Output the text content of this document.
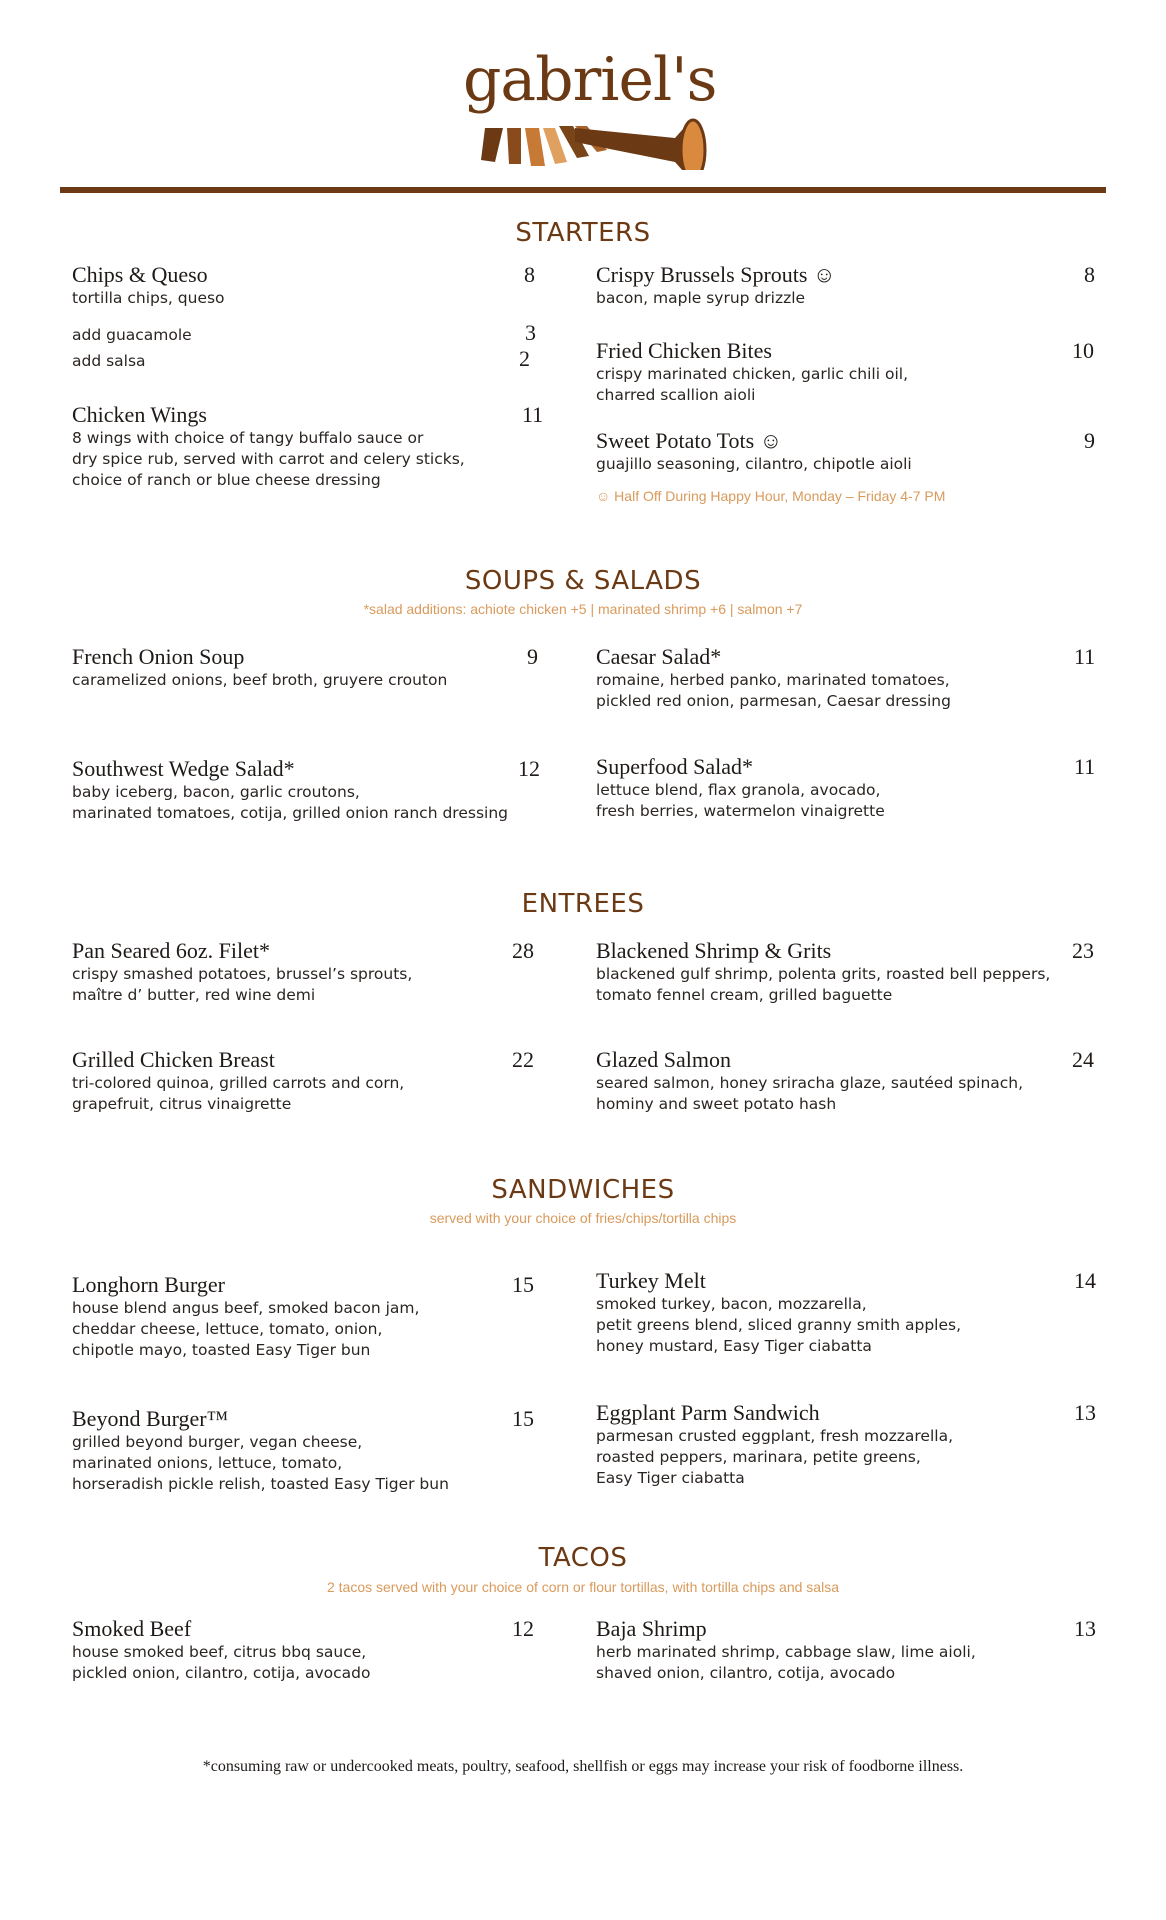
gabriel's
STARTERS
Chips & Queso
tortilla chips, queso
8
add guacamole	3
add salsa	2
Chicken Wings
8 wings with choice of tangy buffalo sauce or
dry spice rub, served with carrot and celery sticks,
choice of ranch or blue cheese dressing
11
Crispy Brussels Sprouts ☺
bacon, maple syrup drizzle
8
Fried Chicken Bites
crispy marinated chicken, garlic chili oil,
charred scallion aioli
10
Sweet Potato Tots ☺
guajillo seasoning, cilantro, chipotle aioli
9
☺ Half Off During Happy Hour, Monday – Friday 4-7 PM
SOUPS & SALADS
*salad additions: achiote chicken +5 | marinated shrimp +6 | salmon +7
French Onion Soup
caramelized onions, beef broth, gruyere crouton
9
Southwest Wedge Salad*
baby iceberg, bacon, garlic croutons,
marinated tomatoes, cotija, grilled onion ranch dressing
12
Caesar Salad*
romaine, herbed panko, marinated tomatoes,
pickled red onion, parmesan, Caesar dressing
11
Superfood Salad*
lettuce blend, flax granola, avocado,
fresh berries, watermelon vinaigrette
11
ENTREES
Pan Seared 6oz. Filet*
crispy smashed potatoes, brussel’s sprouts,
maître d’ butter, red wine demi
28
Grilled Chicken Breast
tri-colored quinoa, grilled carrots and corn,
grapefruit, citrus vinaigrette
22
Blackened Shrimp & Grits
blackened gulf shrimp, polenta grits, roasted bell peppers,
tomato fennel cream, grilled baguette
23
Glazed Salmon
seared salmon, honey sriracha glaze, sautéed spinach,
hominy and sweet potato hash
24
SANDWICHES
served with your choice of fries/chips/tortilla chips
Longhorn Burger
house blend angus beef, smoked bacon jam,
cheddar cheese, lettuce, tomato, onion,
chipotle mayo, toasted Easy Tiger bun
15
Beyond Burger™
grilled beyond burger, vegan cheese,
marinated onions, lettuce, tomato,
horseradish pickle relish, toasted Easy Tiger bun
15
Turkey Melt
smoked turkey, bacon, mozzarella,
petit greens blend, sliced granny smith apples,
honey mustard, Easy Tiger ciabatta
14
Eggplant Parm Sandwich
parmesan crusted eggplant, fresh mozzarella,
roasted peppers, marinara, petite greens,
Easy Tiger ciabatta
13
TACOS
2 tacos served with your choice of corn or flour tortillas, with tortilla chips and salsa
Smoked Beef
house smoked beef, citrus bbq sauce,
pickled onion, cilantro, cotija, avocado
12	Baja Shrimp
herb marinated shrimp, cabbage slaw, lime aioli,
shaved onion, cilantro, cotija, avocado
13
*consuming raw or undercooked meats, poultry, seafood, shellfish or eggs may increase your risk of foodborne illness.
